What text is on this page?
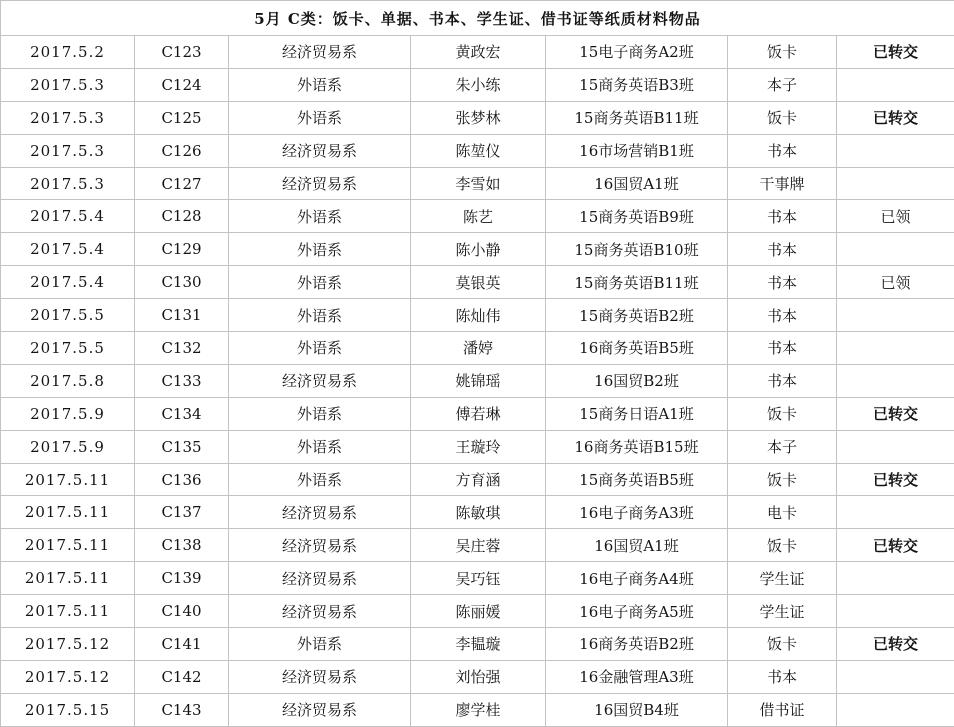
5月 C类：饭卡、单据、书本、学生证、借书证等纸质材料物品						
2017.5.2	C123	经济贸易系	黄政宏	15电子商务A2班	饭卡	已转交
2017.5.3	C124	外语系	朱小练	15商务英语B3班	本子	
2017.5.3	C125	外语系	张梦林	15商务英语B11班	饭卡	已转交
2017.5.3	C126	经济贸易系	陈堃仪	16市场营销B1班	书本	
2017.5.3	C127	经济贸易系	李雪如	16国贸A1班	干事牌	
2017.5.4	C128	外语系	陈艺	15商务英语B9班	书本	已领
2017.5.4	C129	外语系	陈小静	15商务英语B10班	书本	
2017.5.4	C130	外语系	莫银英	15商务英语B11班	书本	已领
2017.5.5	C131	外语系	陈灿伟	15商务英语B2班	书本	
2017.5.5	C132	外语系	潘婷	16商务英语B5班	书本	
2017.5.8	C133	经济贸易系	姚锦瑶	16国贸B2班	书本	
2017.5.9	C134	外语系	傅若琳	15商务日语A1班	饭卡	已转交
2017.5.9	C135	外语系	王璇玲	16商务英语B15班	本子	
2017.5.11	C136	外语系	方育涵	15商务英语B5班	饭卡	已转交
2017.5.11	C137	经济贸易系	陈敏琪	16电子商务A3班	电卡	
2017.5.11	C138	经济贸易系	吴庄蓉	16国贸A1班	饭卡	已转交
2017.5.11	C139	经济贸易系	吴巧钰	16电子商务A4班	学生证	
2017.5.11	C140	经济贸易系	陈丽媛	16电子商务A5班	学生证	
2017.5.12	C141	外语系	李韫璇	16商务英语B2班	饭卡	已转交
2017.5.12	C142	经济贸易系	刘怡强	16金融管理A3班	书本	
2017.5.15	C143	经济贸易系	廖学桂	16国贸B4班	借书证	
